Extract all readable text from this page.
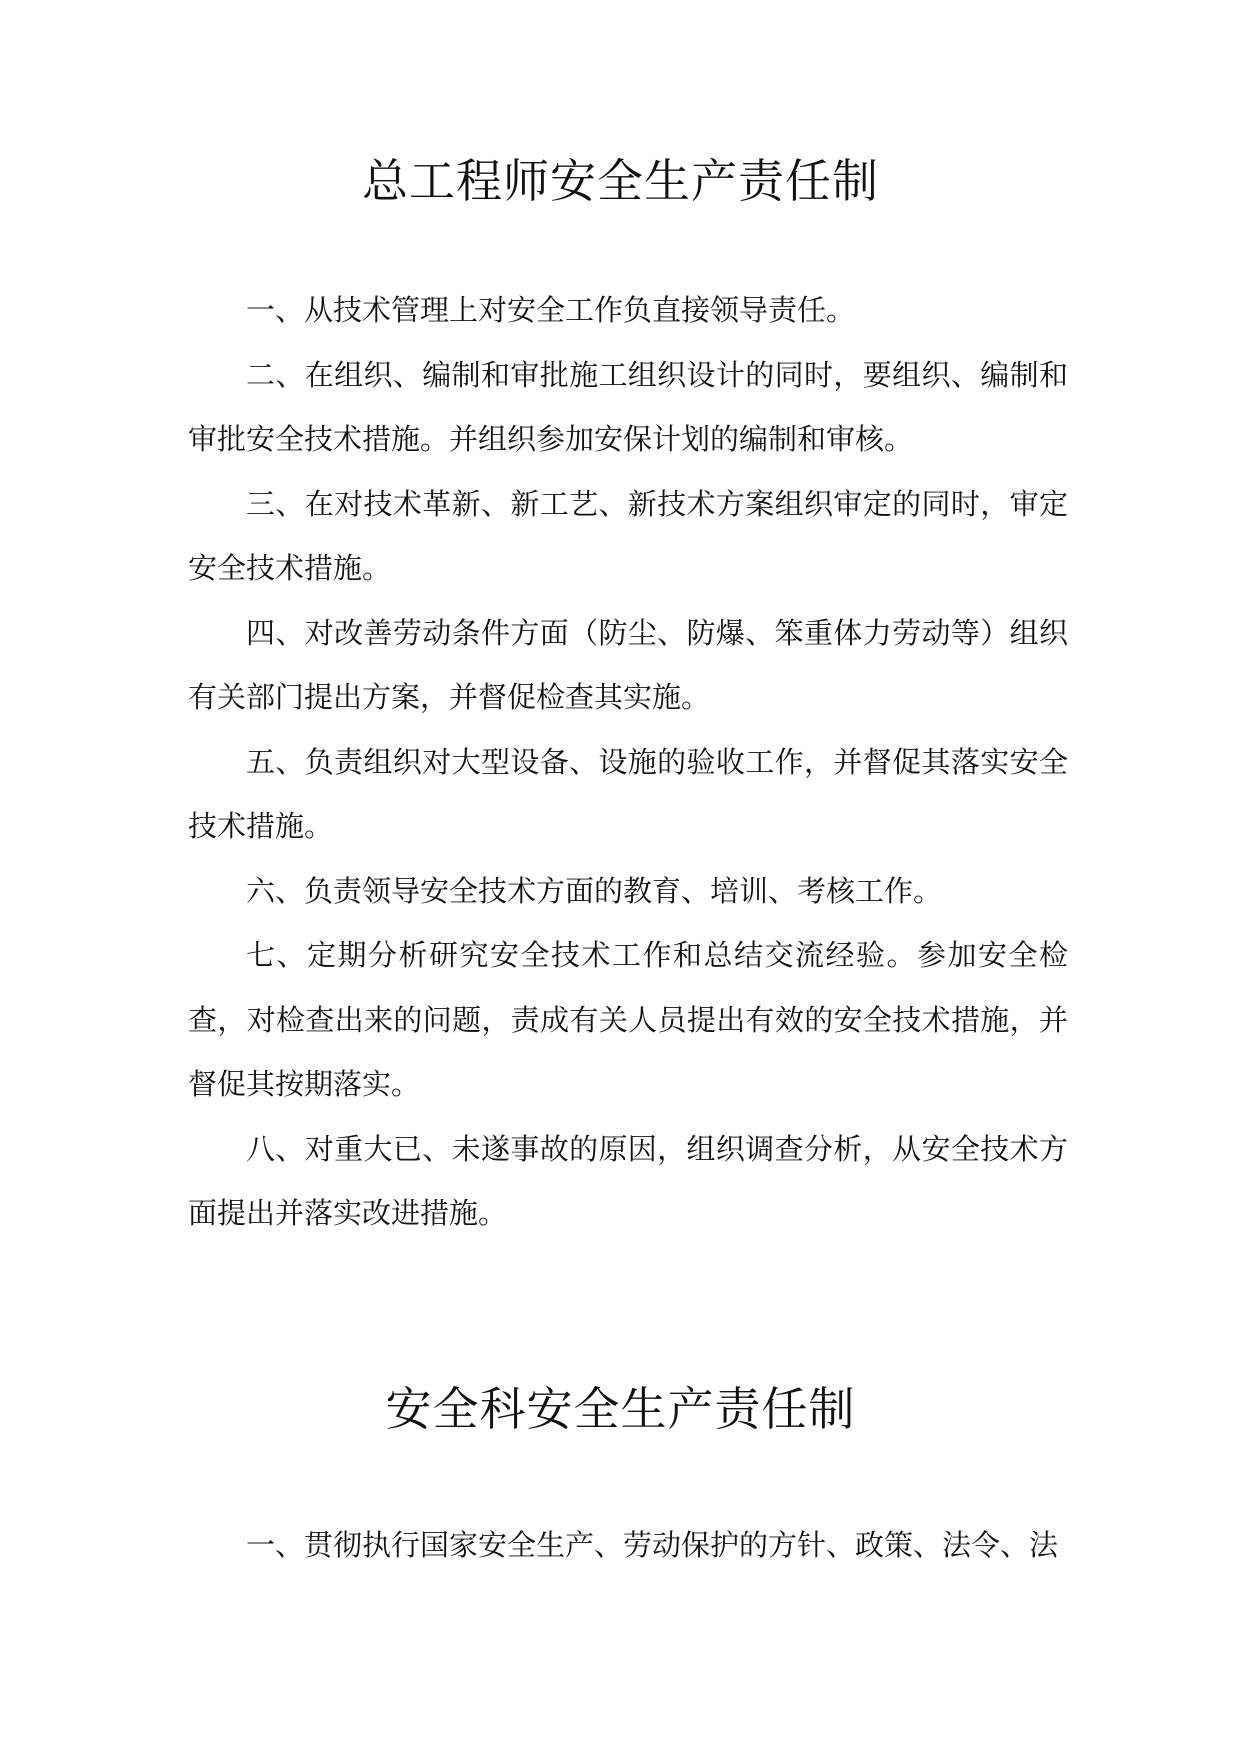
总工程师安全生产责任制

一、从技术管理上对安全工作负直接领导责任。

二、在组织、编制和审批施工组织设计的同时，要组织、编制和审批安全技术措施。并组织参加安保计划的编制和审核。

三、在对技术革新、新工艺、新技术方案组织审定的同时，审定安全技术措施。

四、对改善劳动条件方面（防尘、防爆、笨重体力劳动等）组织有关部门提出方案，并督促检查其实施。

五、负责组织对大型设备、设施的验收工作，并督促其落实安全技术措施。

六、负责领导安全技术方面的教育、培训、考核工作。

七、定期分析研究安全技术工作和总结交流经验。参加安全检查，对检查出来的问题，责成有关人员提出有效的安全技术措施，并督促其按期落实。

八、对重大已、未遂事故的原因，组织调查分析，从安全技术方面提出并落实改进措施。

安全科安全生产责任制

一、贯彻执行国家安全生产、劳动保护的方针、政策、法令、法
